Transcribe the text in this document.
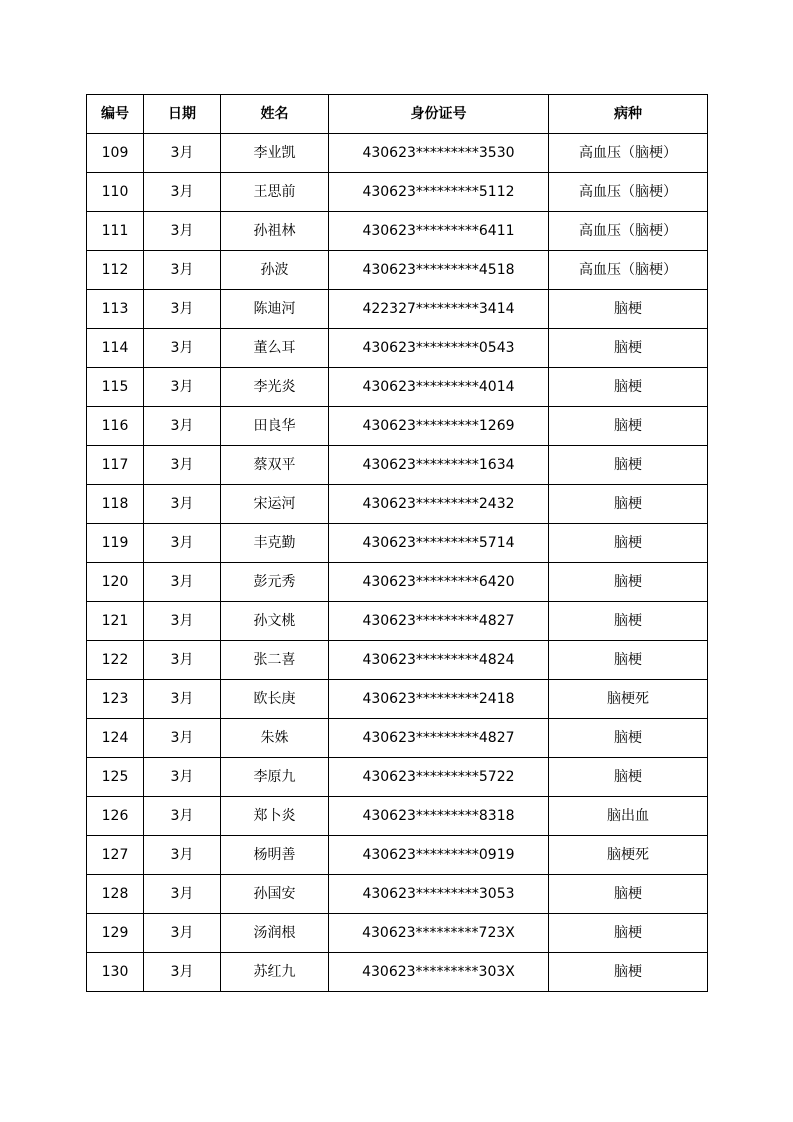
编号	日期	姓名	身份证号	病种
109	3月	李业凯	430623*********3530	高血压（脑梗）
110	3月	王思前	430623*********5112	高血压（脑梗）
111	3月	孙祖林	430623*********6411	高血压（脑梗）
112	3月	孙波	430623*********4518	高血压（脑梗）
113	3月	陈迪河	422327*********3414	脑梗
114	3月	董么耳	430623*********0543	脑梗
115	3月	李光炎	430623*********4014	脑梗
116	3月	田良华	430623*********1269	脑梗
117	3月	蔡双平	430623*********1634	脑梗
118	3月	宋运河	430623*********2432	脑梗
119	3月	丰克勤	430623*********5714	脑梗
120	3月	彭元秀	430623*********6420	脑梗
121	3月	孙文桃	430623*********4827	脑梗
122	3月	张二喜	430623*********4824	脑梗
123	3月	欧长庚	430623*********2418	脑梗死
124	3月	朱姝	430623*********4827	脑梗
125	3月	李原九	430623*********5722	脑梗
126	3月	郑卜炎	430623*********8318	脑出血
127	3月	杨明善	430623*********0919	脑梗死
128	3月	孙国安	430623*********3053	脑梗
129	3月	汤润根	430623*********723X	脑梗
130	3月	苏红九	430623*********303X	脑梗
